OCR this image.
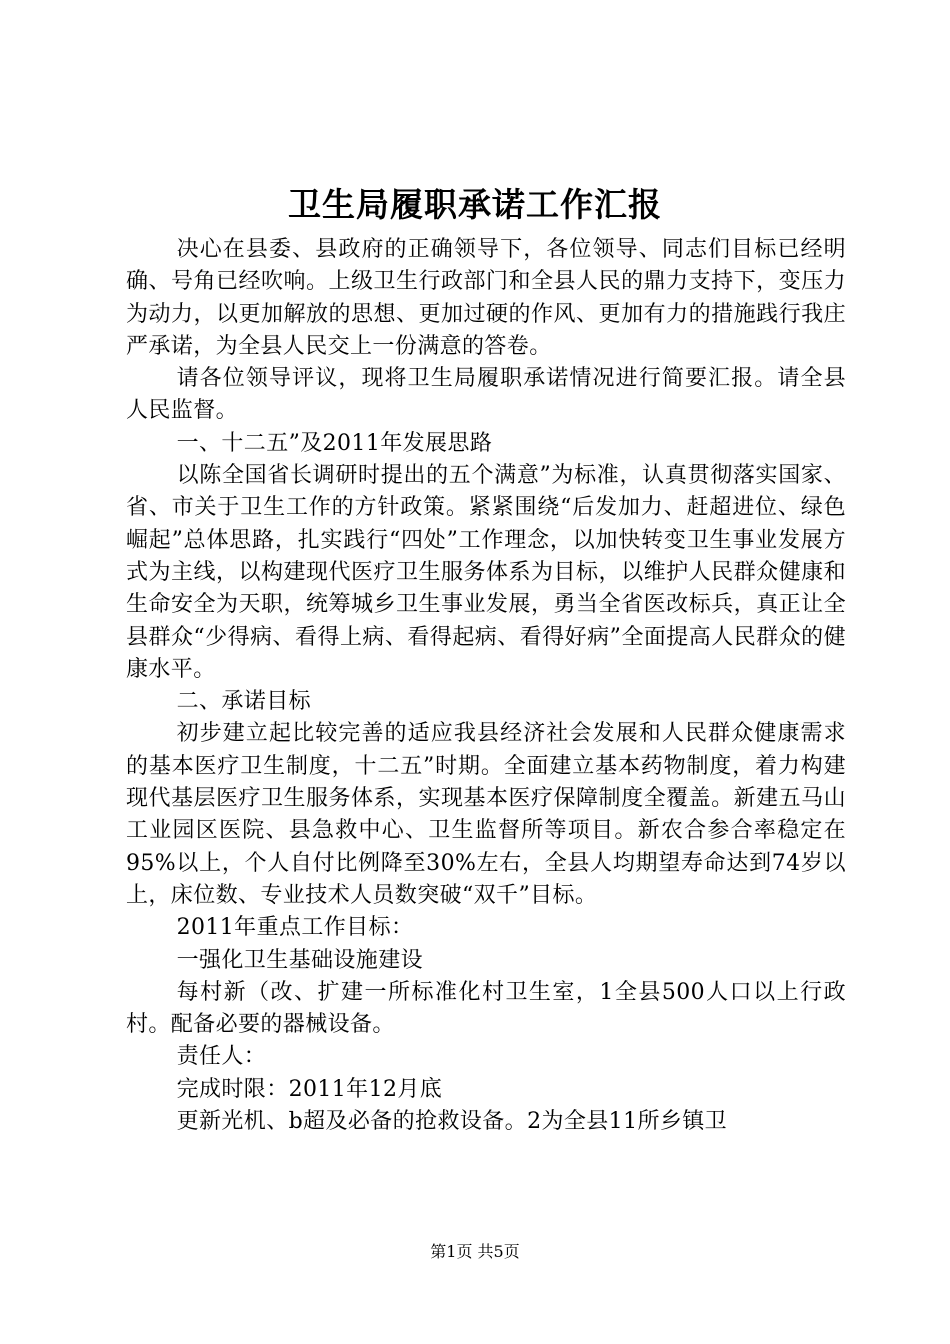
卫生局履职承诺工作汇报

决心在县委、县政府的正确领导下，各位领导、同志们目标已经明确、号角已经吹响。上级卫生行政部门和全县人民的鼎力支持下，变压力为动力，以更加解放的思想、更加过硬的作风、更加有力的措施践行我庄严承诺，为全县人民交上一份满意的答卷。

请各位领导评议，现将卫生局履职承诺情况进行简要汇报。请全县人民监督。

一、十二五”及2011年发展思路

以陈全国省长调研时提出的五个满意”为标准，认真贯彻落实国家、省、市关于卫生工作的方针政策。紧紧围绕“后发加力、赶超进位、绿色崛起”总体思路，扎实践行“四处”工作理念，以加快转变卫生事业发展方式为主线，以构建现代医疗卫生服务体系为目标，以维护人民群众健康和生命安全为天职，统筹城乡卫生事业发展，勇当全省医改标兵，真正让全县群众“少得病、看得上病、看得起病、看得好病”全面提高人民群众的健康水平。

二、承诺目标

初步建立起比较完善的适应我县经济社会发展和人民群众健康需求的基本医疗卫生制度，十二五”时期。全面建立基本药物制度，着力构建现代基层医疗卫生服务体系，实现基本医疗保障制度全覆盖。新建五马山工业园区医院、县急救中心、卫生监督所等项目。新农合参合率稳定在95%以上，个人自付比例降至30%左右，全县人均期望寿命达到74岁以上，床位数、专业技术人员数突破“双千”目标。

2011年重点工作目标：

一强化卫生基础设施建设

每村新（改、扩建一所标准化村卫生室，1全县500人口以上行政村。配备必要的器械设备。

责任人：

完成时限：2011年12月底

更新光机、b超及必备的抢救设备。2为全县11所乡镇卫

第1页 共5页
